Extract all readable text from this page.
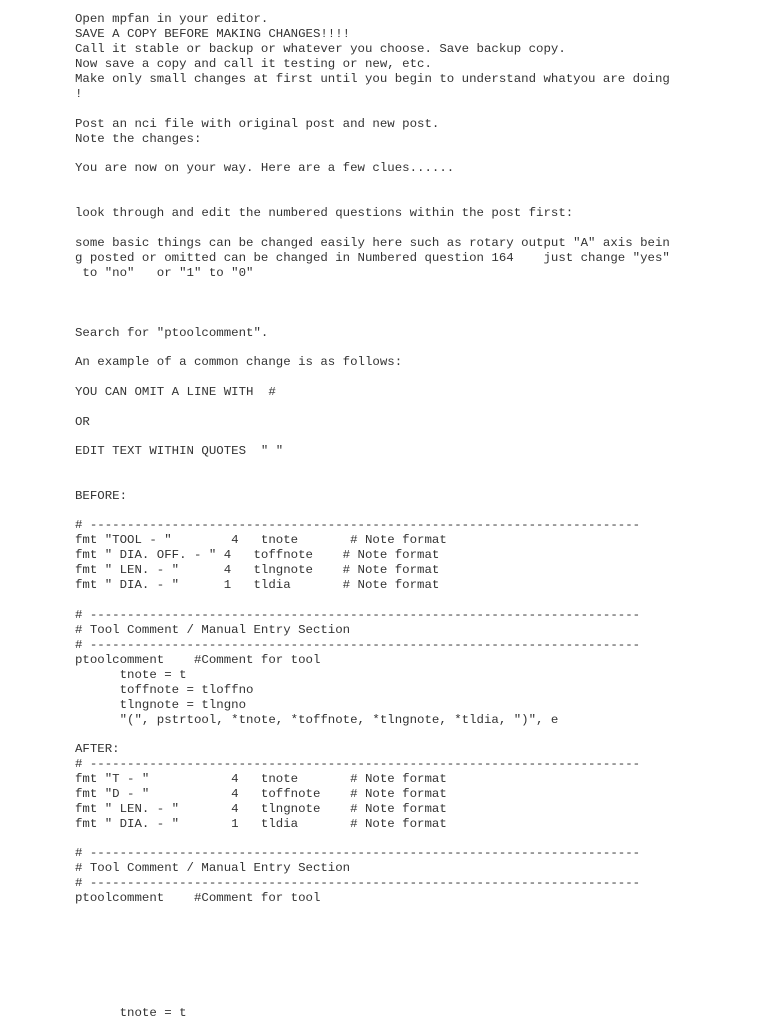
Open mpfan in your editor.

SAVE A COPY BEFORE MAKING CHANGES!!!!

Call it stable or backup or whatever you choose. Save backup copy.

Now save a copy and call it testing or new, etc.

Make only small changes at first until you begin to understand whatyou are doing

!

Post an nci file with original post and new post.

Note the changes:

You are now on your way. Here are a few clues......

look through and edit the numbered questions within the post first:

some basic things can be changed easily here such as rotary output "A" axis bein

g posted or omitted can be changed in Numbered question 164    just change "yes"

to "no"   or "1" to "0"

Search for "ptoolcomment".

An example of a common change is as follows:

YOU CAN OMIT A LINE WITH  #

OR

EDIT TEXT WITHIN QUOTES  " "

BEFORE:

# --------------------------------------------------------------------------

fmt "TOOL - "        4   tnote       # Note format

fmt " DIA. OFF. - " 4   toffnote    # Note format

fmt " LEN. - "      4   tlngnote    # Note format

fmt " DIA. - "      1   tldia       # Note format

# --------------------------------------------------------------------------

# Tool Comment / Manual Entry Section

# --------------------------------------------------------------------------

ptoolcomment    #Comment for tool

tnote = t

toffnote = tloffno

tlngnote = tlngno

"(", pstrtool, *tnote, *toffnote, *tlngnote, *tldia, ")", e

AFTER:

# --------------------------------------------------------------------------

fmt "T - "           4   tnote       # Note format

fmt "D - "           4   toffnote    # Note format

fmt " LEN. - "       4   tlngnote    # Note format

fmt " DIA. - "       1   tldia       # Note format

# --------------------------------------------------------------------------

# Tool Comment / Manual Entry Section

# --------------------------------------------------------------------------

ptoolcomment    #Comment for tool

tnote = t
